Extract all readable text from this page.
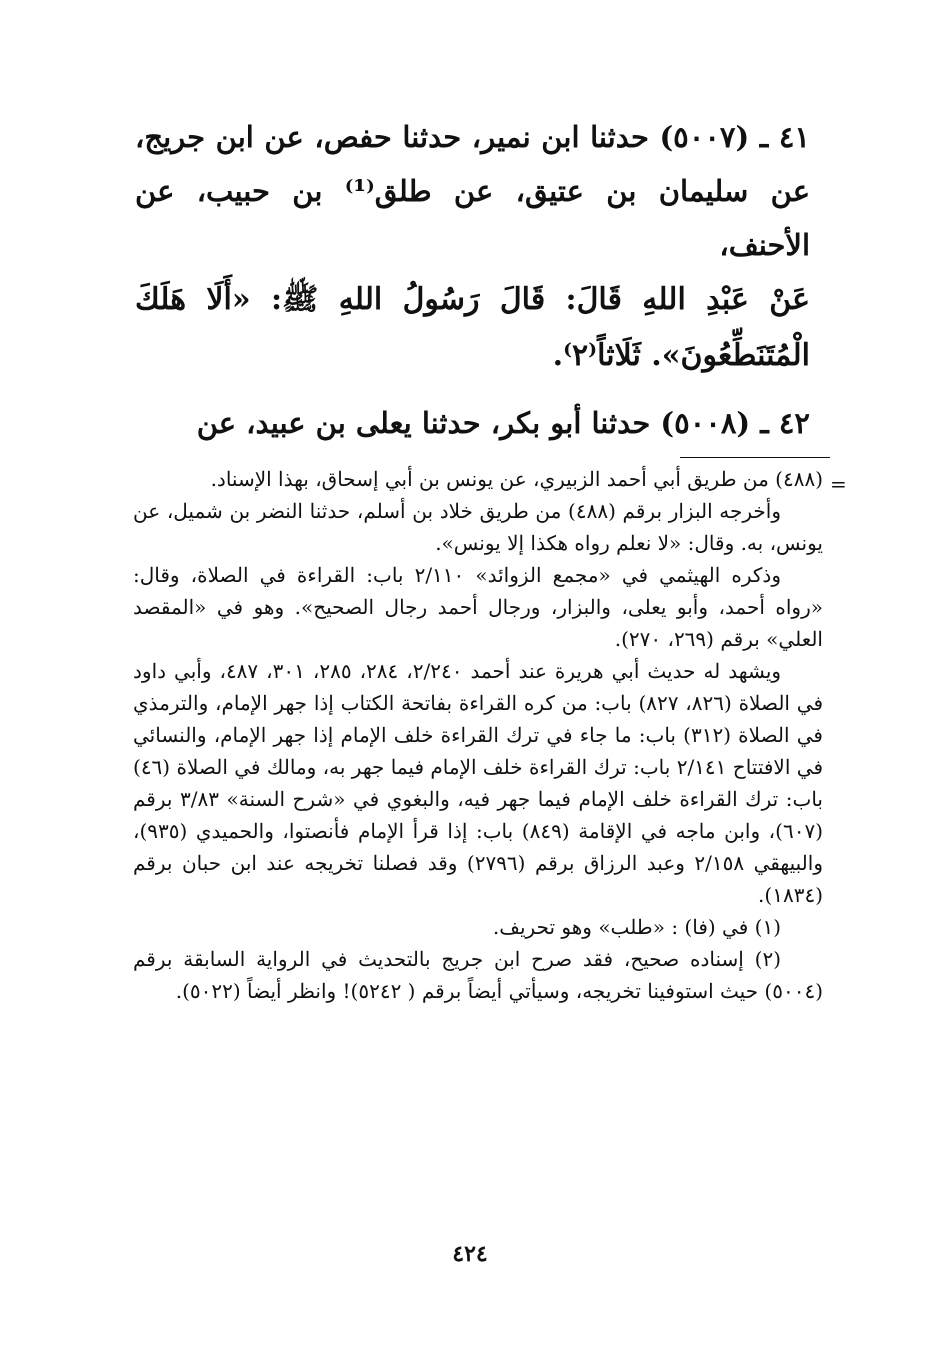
٤١ ـ (٥٠٠٧) حدثنا ابن نمير، حدثنا حفص، عن ابن جريج، عن سليمان بن عتيق، عن طلق⁽¹⁾ بن حبيب، عن الأحنف،
عَنْ عَبْدِ اللهِ قَالَ: قَالَ رَسُولُ اللهِ ﷺ: «أَلَا هَلَكَ الْمُتَنَطِّعُونَ». ثَلَاثاً⁽٢⁾.
٤٢ ـ (٥٠٠٨) حدثنا أبو بكر، حدثنا يعلى بن عبيد، عن
=

(٤٨٨) من طريق أبي أحمد الزبيري، عن يونس بن أبي إسحاق، بهذا الإسناد.

وأخرجه البزار برقم (٤٨٨) من طريق خلاد بن أسلم، حدثنا النضر بن شميل، عن يونس، به. وقال: «لا نعلم رواه هكذا إلا يونس».

وذكره الهيثمي في «مجمع الزوائد» ٢/١١٠ باب: القراءة في الصلاة، وقال: «رواه أحمد، وأبو يعلى، والبزار، ورجال أحمد رجال الصحيح». وهو في «المقصد العلي» برقم (٢٦٩، ٢٧٠).

ويشهد له حديث أبي هريرة عند أحمد ٢/٢٤٠، ٢٨٤، ٢٨٥، ٣٠١، ٤٨٧، وأبي داود في الصلاة (٨٢٦، ٨٢٧) باب: من كره القراءة بفاتحة الكتاب إذا جهر الإمام، والترمذي في الصلاة (٣١٢) باب: ما جاء في ترك القراءة خلف الإمام إذا جهر الإمام، والنسائي في الافتتاح ٢/١٤١ باب: ترك القراءة خلف الإمام فيما جهر به، ومالك في الصلاة (٤٦) باب: ترك القراءة خلف الإمام فيما جهر فيه، والبغوي في «شرح السنة» ٣/٨٣ برقم (٦٠٧)، وابن ماجه في الإقامة (٨٤٩) باب: إذا قرأ الإمام فأنصتوا، والحميدي (٩٣٥)، والبيهقي ٢/١٥٨ وعبد الرزاق برقم (٢٧٩٦) وقد فصلنا تخريجه عند ابن حبان برقم (١٨٣٤).

(١) في (فا) : «طلب» وهو تحريف.

(٢) إسناده صحيح، فقد صرح ابن جريج بالتحديث في الرواية السابقة برقم (٥٠٠٤) حيث استوفينا تخريجه، وسيأتي أيضاً برقم ( ٥٢٤٢)! وانظر أيضاً (٥٠٢٢).

٤٢٤
